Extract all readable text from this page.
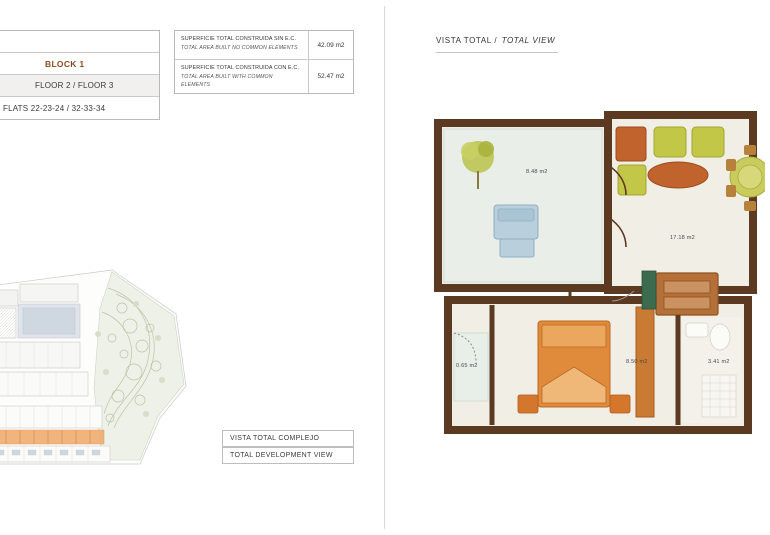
BLOCK 1
FLOOR 2 / FLOOR 3
FLATS 22-23-24 / 32-33-34
SUPERFICIE TOTAL CONSTRUIDA SIN E.C.
TOTAL AREA BUILT NO COMMON ELEMENTS	42.09 m2
SUPERFICIE TOTAL CONSTRUIDA CON E.C.
TOTAL AREA BUILT WITH COMMON ELEMENTS
52.47 m2
VISTA TOTAL COMPLEJO
TOTAL DEVELOPMENT VIEW
VISTA TOTAL / TOTAL VIEW
8.48 m2
17.18 m2
0.65 m2
8.50 m2	3.41 m2
